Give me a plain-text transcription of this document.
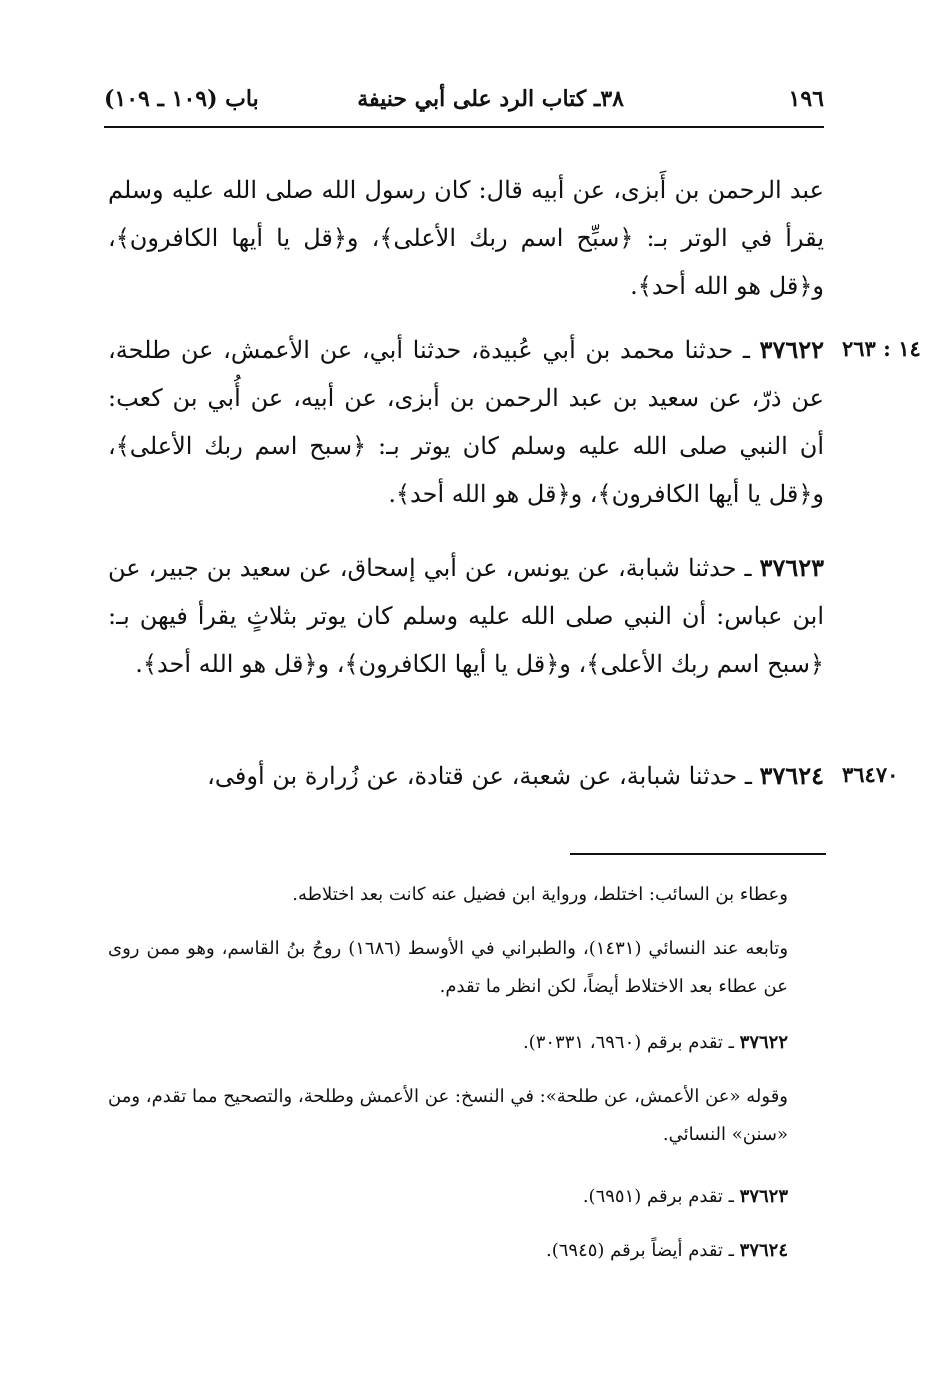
١٩٦
٣٨ـ كتاب الرد على أبي حنيفة
باب (١٠٩ ـ ١٠٩)
عبد الرحمن بن أَبزى، عن أبيه قال: كان رسول الله صلى الله عليه وسلم يقرأ في الوتر بـ: ﴿سبِّح اسم ربك الأعلى﴾، و﴿قل يا أيها الكافرون﴾، و﴿قل هو الله أحد﴾.
١٤ : ٢٦٣
٣٧٦٢٢ ـ حدثنا محمد بن أبي عُبيدة، حدثنا أبي، عن الأعمش، عن طلحة، عن ذرّ، عن سعيد بن عبد الرحمن بن أبزى، عن أبيه، عن أُبي بن كعب: أن النبي صلى الله عليه وسلم كان يوتر بـ: ﴿سبح اسم ربك الأعلى﴾، و﴿قل يا أيها الكافرون﴾، و﴿قل هو الله أحد﴾.
٣٧٦٢٣ ـ حدثنا شبابة، عن يونس، عن أبي إسحاق، عن سعيد بن جبير، عن ابن عباس: أن النبي صلى الله عليه وسلم كان يوتر بثلاثٍ يقرأ فيهن بـ: ﴿سبح اسم ربك الأعلى﴾، و﴿قل يا أيها الكافرون﴾، و﴿قل هو الله أحد﴾.
٣٦٤٧٠
٣٧٦٢٤ ـ حدثنا شبابة، عن شعبة، عن قتادة، عن زُرارة بن أوفى،
وعطاء بن السائب: اختلط، ورواية ابن فضيل عنه كانت بعد اختلاطه.
وتابعه عند النسائي (١٤٣١)، والطبراني في الأوسط (١٦٨٦) روحُ بنُ القاسم، وهو ممن روى عن عطاء بعد الاختلاط أيضاً، لكن انظر ما تقدم.
٣٧٦٢٢ ـ تقدم برقم (٦٩٦٠، ٣٠٣٣١).
وقوله «عن الأعمش، عن طلحة»: في النسخ: عن الأعمش وطلحة، والتصحيح مما تقدم، ومن «سنن» النسائي.
٣٧٦٢٣ ـ تقدم برقم (٦٩٥١).
٣٧٦٢٤ ـ تقدم أيضاً برقم (٦٩٤٥).
